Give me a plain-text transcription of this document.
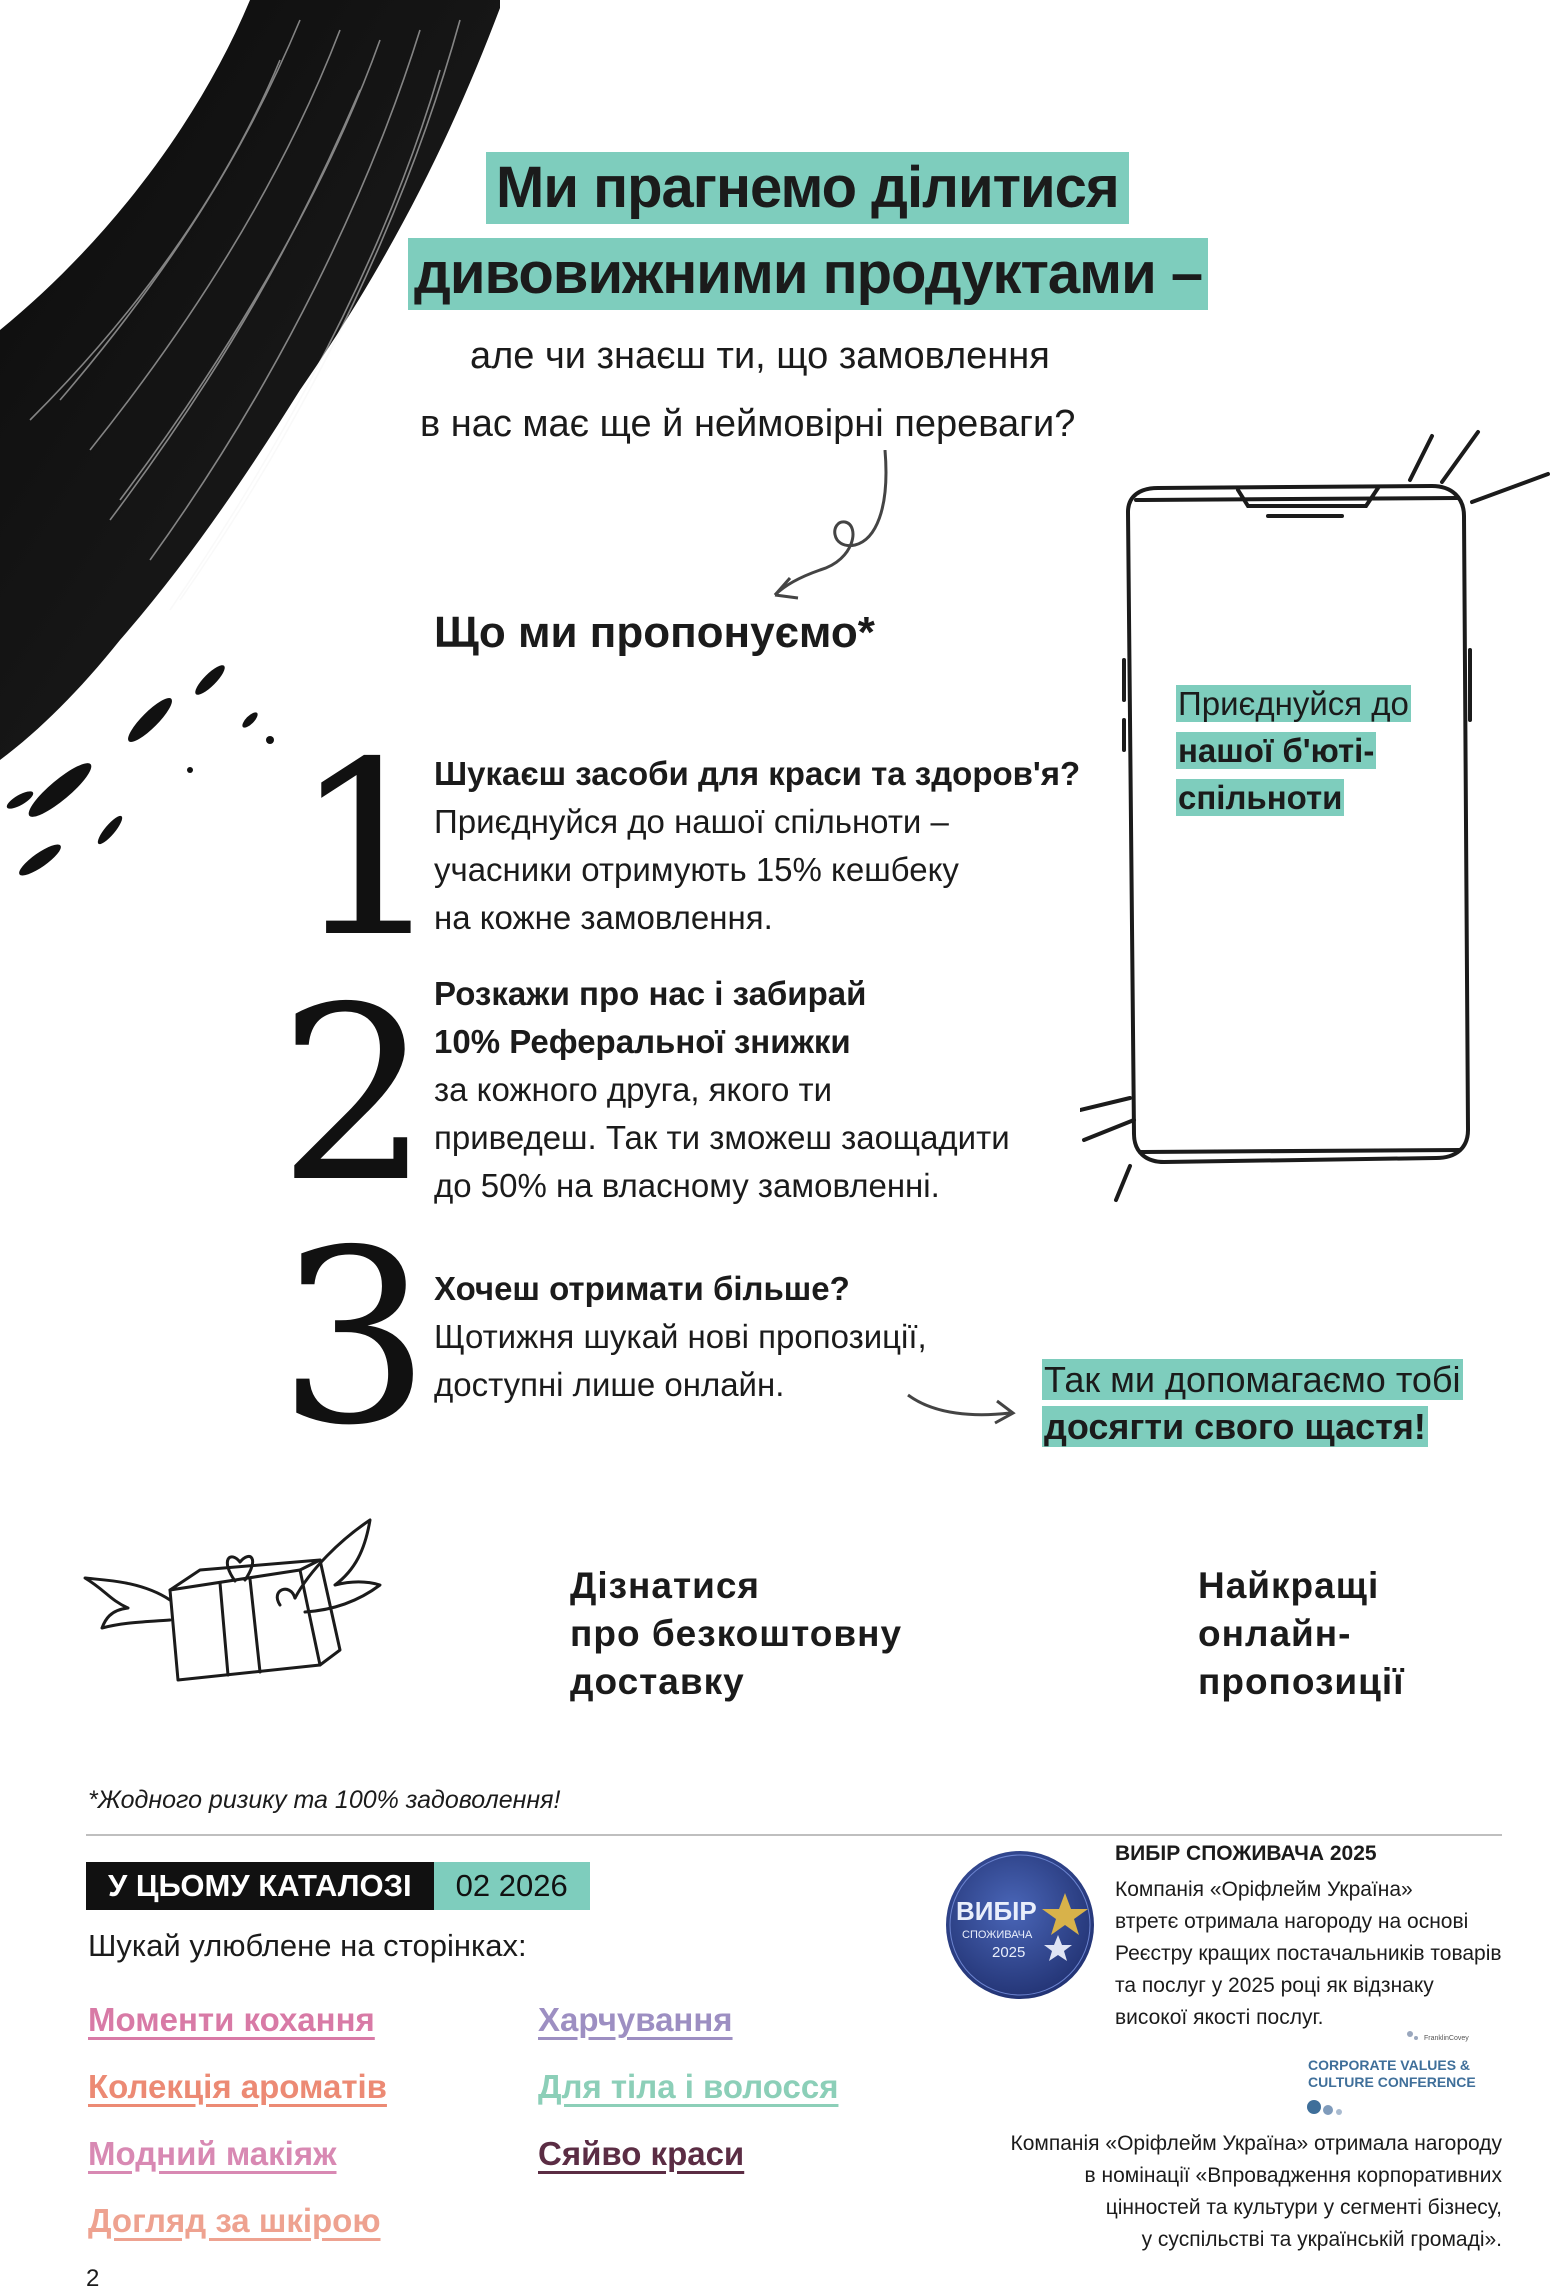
Ми прагнемо ділитися
дивовижними продуктами –
але чи знаєш ти, що замовлення
в нас має ще й неймовірні переваги?
Що ми пропонуємо*
1
2
3
Шукаєш засоби для краси та здоров'я?
Приєднуйся до нашої спільноти –
учасники отримують 15% кешбеку
на кожне замовлення.
Розкажи про нас і забирай
10% Реферальної знижки
за кожного друга, якого ти
приведеш. Так ти зможеш заощадити
до 50% на власному замовленні.
Хочеш отримати більше?
Щотижня шукай нові пропозиції,
доступні лише онлайн.
Приєднуйся до
нашої б'юті-
спільноти
Так ми допомагаємо тобі
досягти свого щастя!
Дізнатися
про безкоштовну
доставку
Найкращі
онлайн-
пропозиції
*Жодного ризику та 100% задоволення!
У ЦЬОМУ КАТАЛОЗІ	02 2026
Шукай улюблене на сторінках:
Моменти кохання
Колекція ароматів
Модний макіяж
Догляд за шкірою
Харчування
Для тіла і волосся
Сяйво краси
ВИБІР
СПОЖИВАЧА
2025
ВИБІР СПОЖИВАЧА 2025
Компанія «Оріфлейм Україна»
втретє отримала нагороду на основі
Реєстру кращих постачальників товарів
та послуг у 2025 році як відзнаку
високої якості послуг.
FranklinCovey
CORPORATE VALUES &
CULTURE CONFERENCE
Компанія «Оріфлейм Україна» отримала нагороду
в номінації «Впровадження корпоративних
цінностей та культури у сегменті бізнесу,
у суспільстві та українській громаді».
2
